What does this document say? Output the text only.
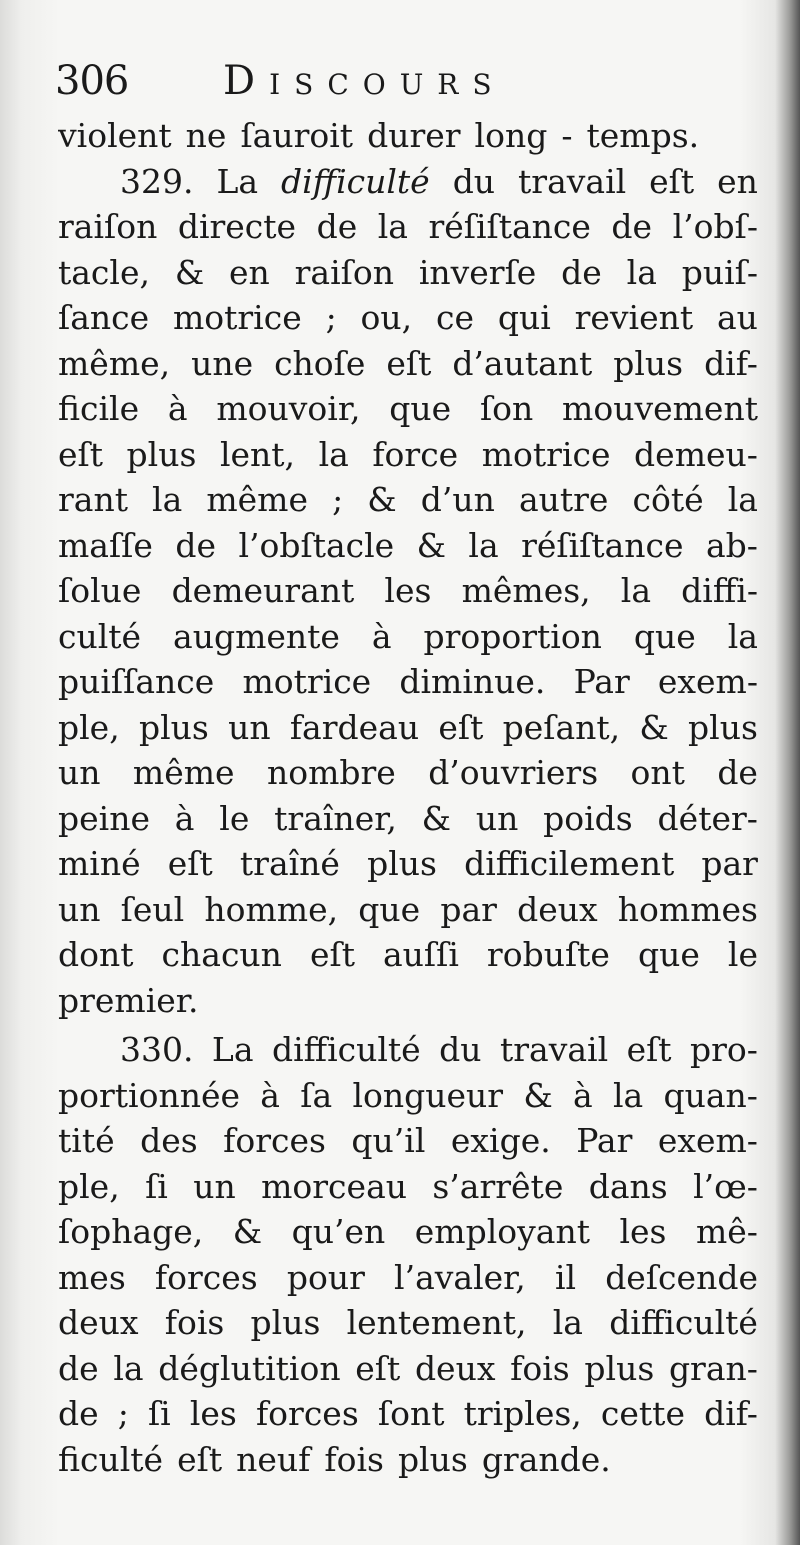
306 Discours
violent ne ſauroit durer long - temps.
329. La difficulté du travail eſt en
raiſon directe de la réſiſtance de l’obſ-
tacle, & en raiſon inverſe de la puiſ-
ſance motrice ; ou, ce qui revient au
même, une choſe eſt d’autant plus dif-
ficile à mouvoir, que ſon mouvement
eſt plus lent, la force motrice demeu-
rant la même ; & d’un autre côté la
maſſe de l’obſtacle & la réſiſtance ab-
ſolue demeurant les mêmes, la diffi-
culté augmente à proportion que la
puiſſance motrice diminue. Par exem-
ple, plus un fardeau eſt peſant, & plus
un même nombre d’ouvriers ont de
peine à le traîner, & un poids déter-
miné eſt traîné plus difficilement par
un ſeul homme, que par deux hommes
dont chacun eſt auſſi robuſte que le
premier.
330. La difficulté du travail eſt pro-
portionnée à ſa longueur & à la quan-
tité des forces qu’il exige. Par exem-
ple, ſi un morceau s’arrête dans l’œ-
ſophage, & qu’en employant les mê-
mes forces pour l’avaler, il deſcende
deux fois plus lentement, la difficulté
de la déglutition eſt deux fois plus gran-
de ; ſi les forces ſont triples, cette dif-
ficulté eſt neuf fois plus grande.
